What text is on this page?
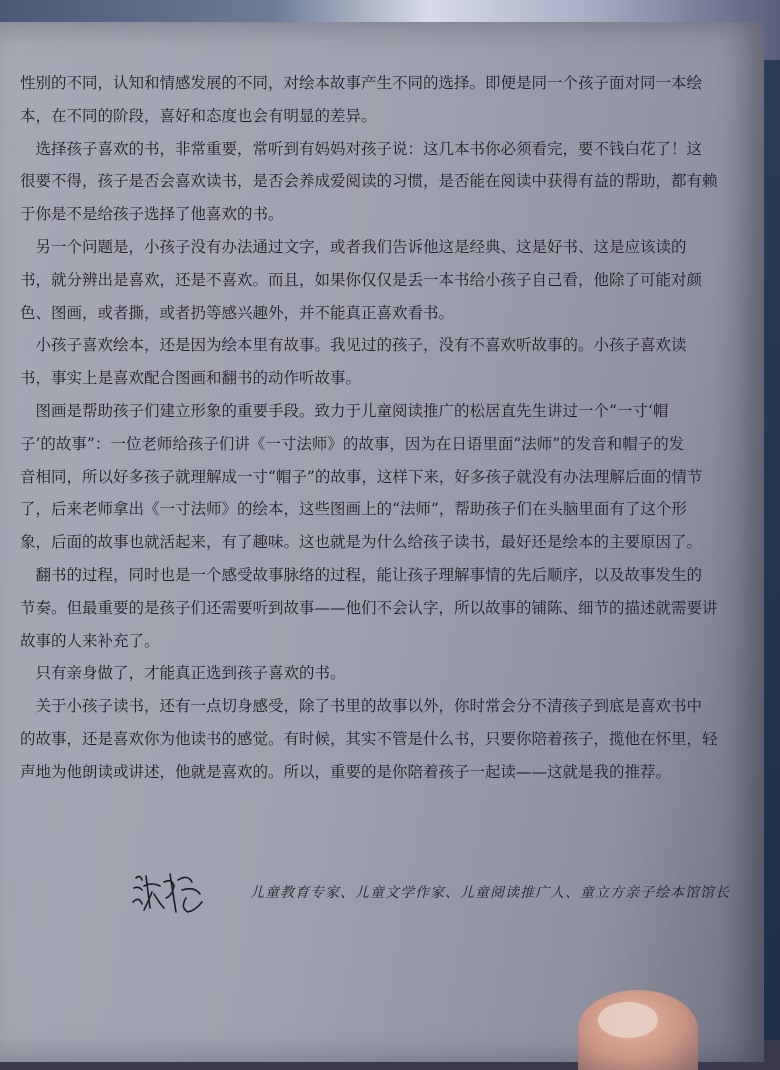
性别的不同，认知和情感发展的不同，对绘本故事产生不同的选择。即便是同一个孩子面对同一本绘
本，在不同的阶段，喜好和态度也会有明显的差异。

　选择孩子喜欢的书，非常重要，常听到有妈妈对孩子说：这几本书你必须看完，要不钱白花了！这
很要不得，孩子是否会喜欢读书，是否会养成爱阅读的习惯，是否能在阅读中获得有益的帮助，都有赖
于你是不是给孩子选择了他喜欢的书。

　另一个问题是，小孩子没有办法通过文字，或者我们告诉他这是经典、这是好书、这是应该读的
书，就分辨出是喜欢，还是不喜欢。而且，如果你仅仅是丢一本书给小孩子自己看，他除了可能对颜
色、图画，或者撕，或者扔等感兴趣外，并不能真正喜欢看书。

　小孩子喜欢绘本，还是因为绘本里有故事。我见过的孩子，没有不喜欢听故事的。小孩子喜欢读
书，事实上是喜欢配合图画和翻书的动作听故事。

　图画是帮助孩子们建立形象的重要手段。致力于儿童阅读推广的松居直先生讲过一个“一寸‘帽
子’的故事”：一位老师给孩子们讲《一寸法师》的故事，因为在日语里面“法师”的发音和帽子的发
音相同，所以好多孩子就理解成一寸“帽子”的故事，这样下来，好多孩子就没有办法理解后面的情节
了，后来老师拿出《一寸法师》的绘本，这些图画上的“法师”，帮助孩子们在头脑里面有了这个形
象，后面的故事也就活起来，有了趣味。这也就是为什么给孩子读书，最好还是绘本的主要原因了。

　翻书的过程，同时也是一个感受故事脉络的过程，能让孩子理解事情的先后顺序，以及故事发生的
节奏。但最重要的是孩子们还需要听到故事——他们不会认字，所以故事的铺陈、细节的描述就需要讲
故事的人来补充了。

　只有亲身做了，才能真正选到孩子喜欢的书。

　关于小孩子读书，还有一点切身感受，除了书里的故事以外，你时常会分不清孩子到底是喜欢书中
的故事，还是喜欢你为他读书的感觉。有时候，其实不管是什么书，只要你陪着孩子，揽他在怀里，轻
声地为他朗读或讲述，他就是喜欢的。所以，重要的是你陪着孩子一起读——这就是我的推荐。

儿童教育专家、儿童文学作家、儿童阅读推广人、童立方亲子绘本馆馆长
